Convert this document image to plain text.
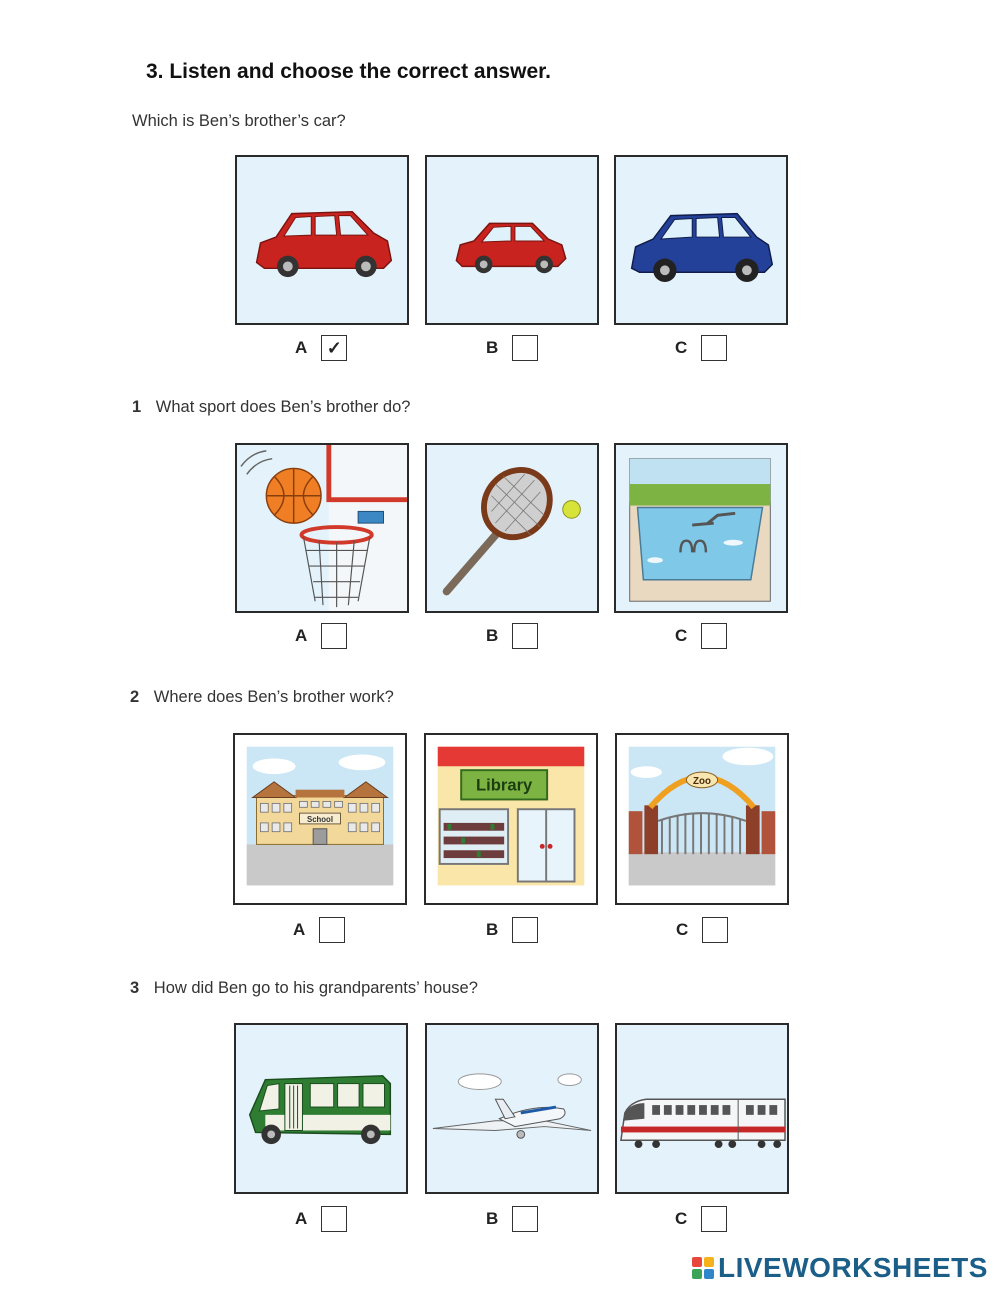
3. Listen and choose the correct answer.
Which is Ben’s brother’s car?
A	✓	B	C
1 What sport does Ben’s brother do?
A	B	C
2 Where does Ben’s brother work?
School
Library	Zoo
A	B	C
3 How did Ben go to his grandparents’ house?
A	B	C
LIVEWORKSHEETS
